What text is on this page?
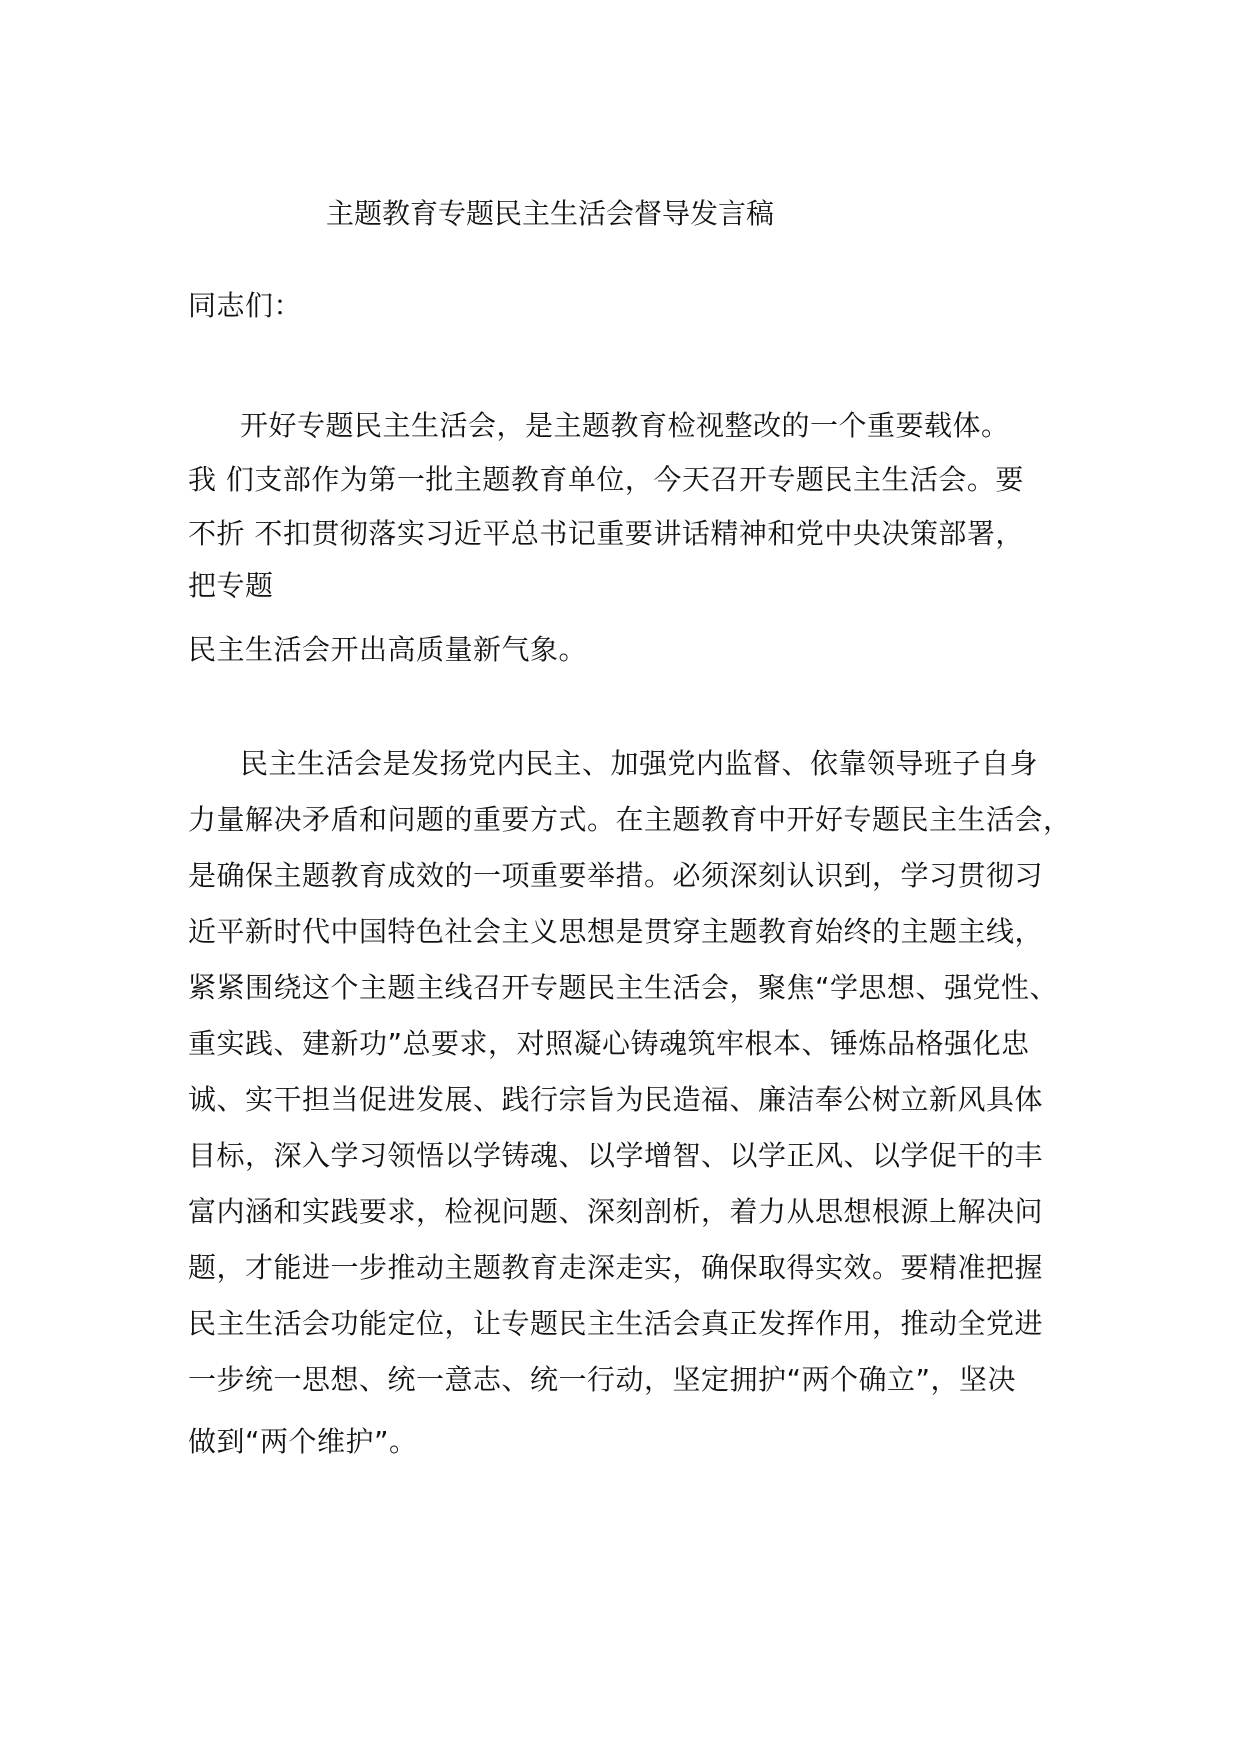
主题教育专题民主生活会督导发言稿
同志们：
开好专题民主生活会，是主题教育检视整改的一个重要载体。
我 们支部作为第一批主题教育单位，今天召开专题民主生活会。要
不折 不扣贯彻落实习近平总书记重要讲话精神和党中央决策部署，
把专题
民主生活会开出高质量新气象。
民主生活会是发扬党内民主、加强党内监督、依靠领导班子自身
力量解决矛盾和问题的重要方式。在主题教育中开好专题民主生活会，
是确保主题教育成效的一项重要举措。必须深刻认识到，学习贯彻习
近平新时代中国特色社会主义思想是贯穿主题教育始终的主题主线，
紧紧围绕这个主题主线召开专题民主生活会，聚焦“学思想、强党性、
重实践、建新功”总要求，对照凝心铸魂筑牢根本、锤炼品格强化忠
诚、实干担当促进发展、践行宗旨为民造福、廉洁奉公树立新风具体
目标，深入学习领悟以学铸魂、以学增智、以学正风、以学促干的丰
富内涵和实践要求，检视问题、深刻剖析，着力从思想根源上解决问
题，才能进一步推动主题教育走深走实，确保取得实效。要精准把握
民主生活会功能定位，让专题民主生活会真正发挥作用，推动全党进
一步统一思想、统一意志、统一行动，坚定拥护“两个确立”，坚决
做到“两个维护”。
